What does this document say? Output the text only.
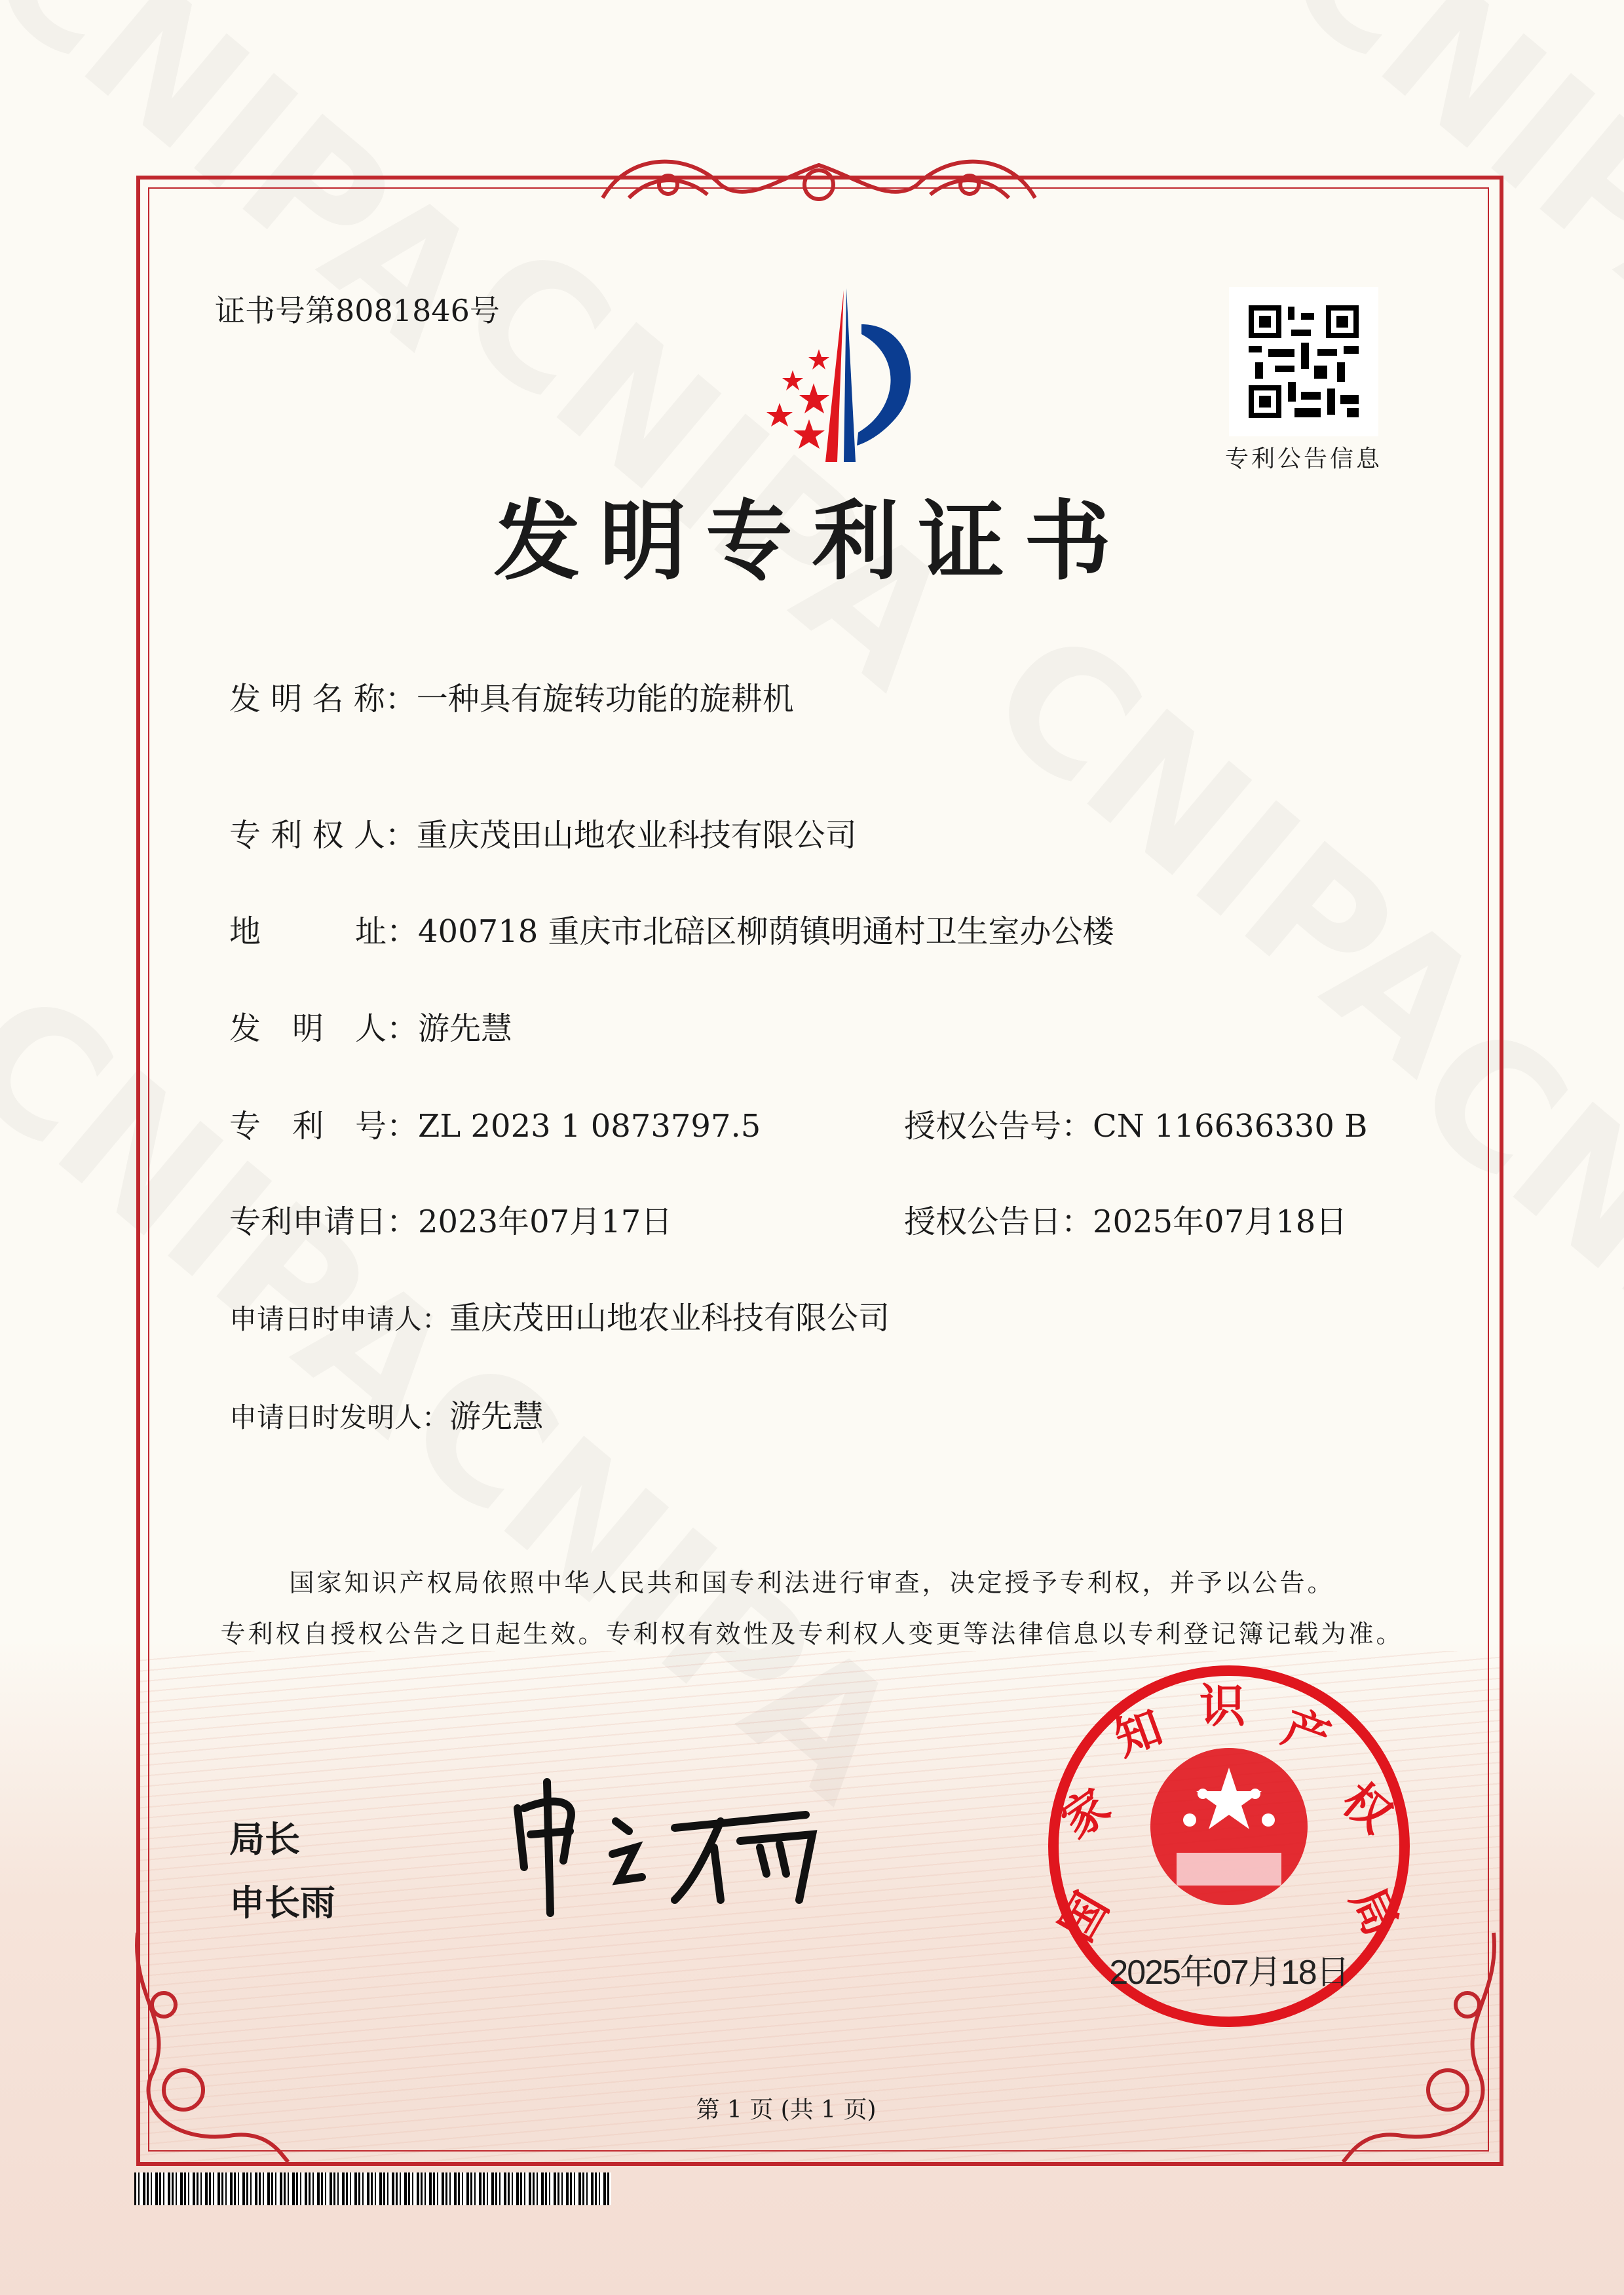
证书号第8081846号
专利公告信息
发明专利证书
发 明 名 称：一种具有旋转功能的旋耕机
专 利 权 人：重庆茂田山地农业科技有限公司
地　　　址：400718 重庆市北碚区柳荫镇明通村卫生室办公楼
发　明　人：游先慧
专　利　号：ZL 2023 1 0873797.5	授权公告号：CN 116636330 B
专利申请日：2023年07月17日	授权公告日：2025年07月18日
申请日时申请人：重庆茂田山地农业科技有限公司
申请日时发明人：游先慧
国家知识产权局依照中华人民共和国专利法进行审查，决定授予专利权，并予以公告。
专利权自授权公告之日起生效。专利权有效性及专利权人变更等法律信息以专利登记簿记载为准。
局长
申长雨	国
家
知 识 产
权
局
2025年07月18日
第 1 页 (共 1 页)
